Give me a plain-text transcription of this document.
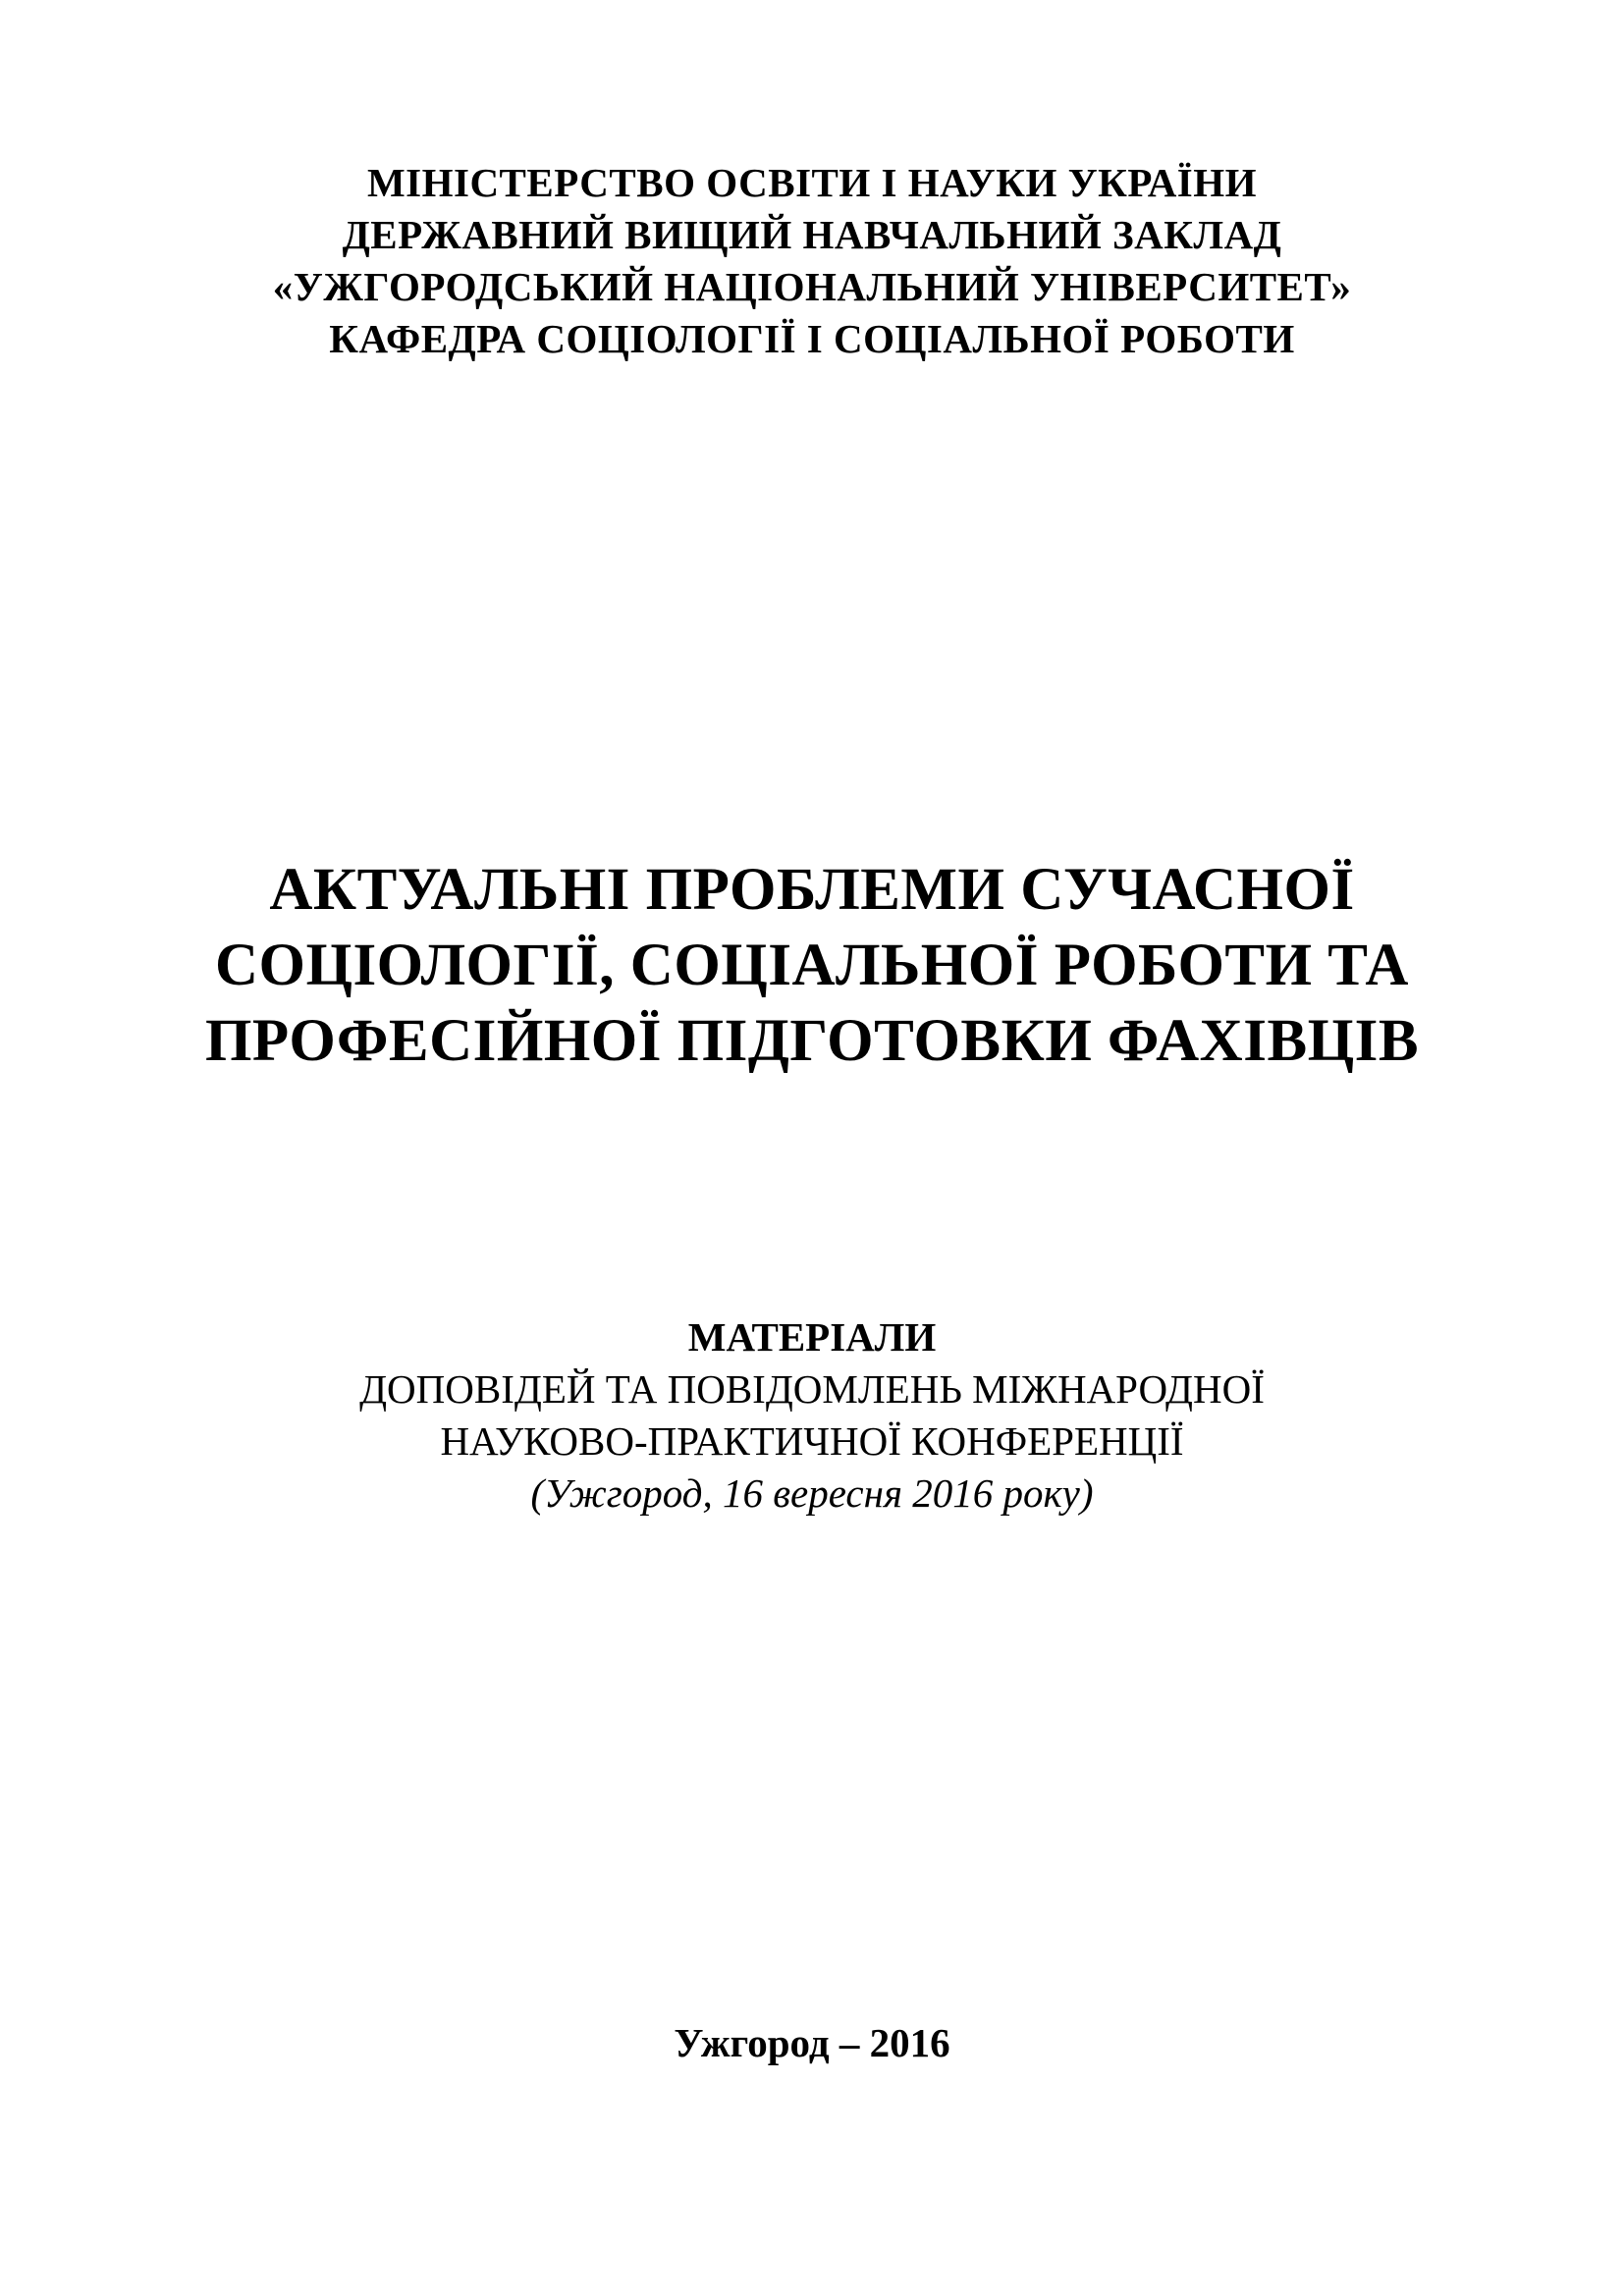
МІНІСТЕРСТВО ОСВІТИ І НАУКИ УКРАЇНИ
ДЕРЖАВНИЙ ВИЩИЙ НАВЧАЛЬНИЙ ЗАКЛАД
«УЖГОРОДСЬКИЙ НАЦІОНАЛЬНИЙ УНІВЕРСИТЕТ»
КАФЕДРА СОЦІОЛОГІЇ І СОЦІАЛЬНОЇ РОБОТИ
АКТУАЛЬНІ ПРОБЛЕМИ СУЧАСНОЇ
СОЦІОЛОГІЇ, СОЦІАЛЬНОЇ РОБОТИ ТА
ПРОФЕСІЙНОЇ ПІДГОТОВКИ ФАХІВЦІВ
МАТЕРІАЛИ
ДОПОВІДЕЙ ТА ПОВІДОМЛЕНЬ МІЖНАРОДНОЇ
НАУКОВО-ПРАКТИЧНОЇ КОНФЕРЕНЦІЇ
(Ужгород, 16 вересня 2016 року)
Ужгород – 2016
